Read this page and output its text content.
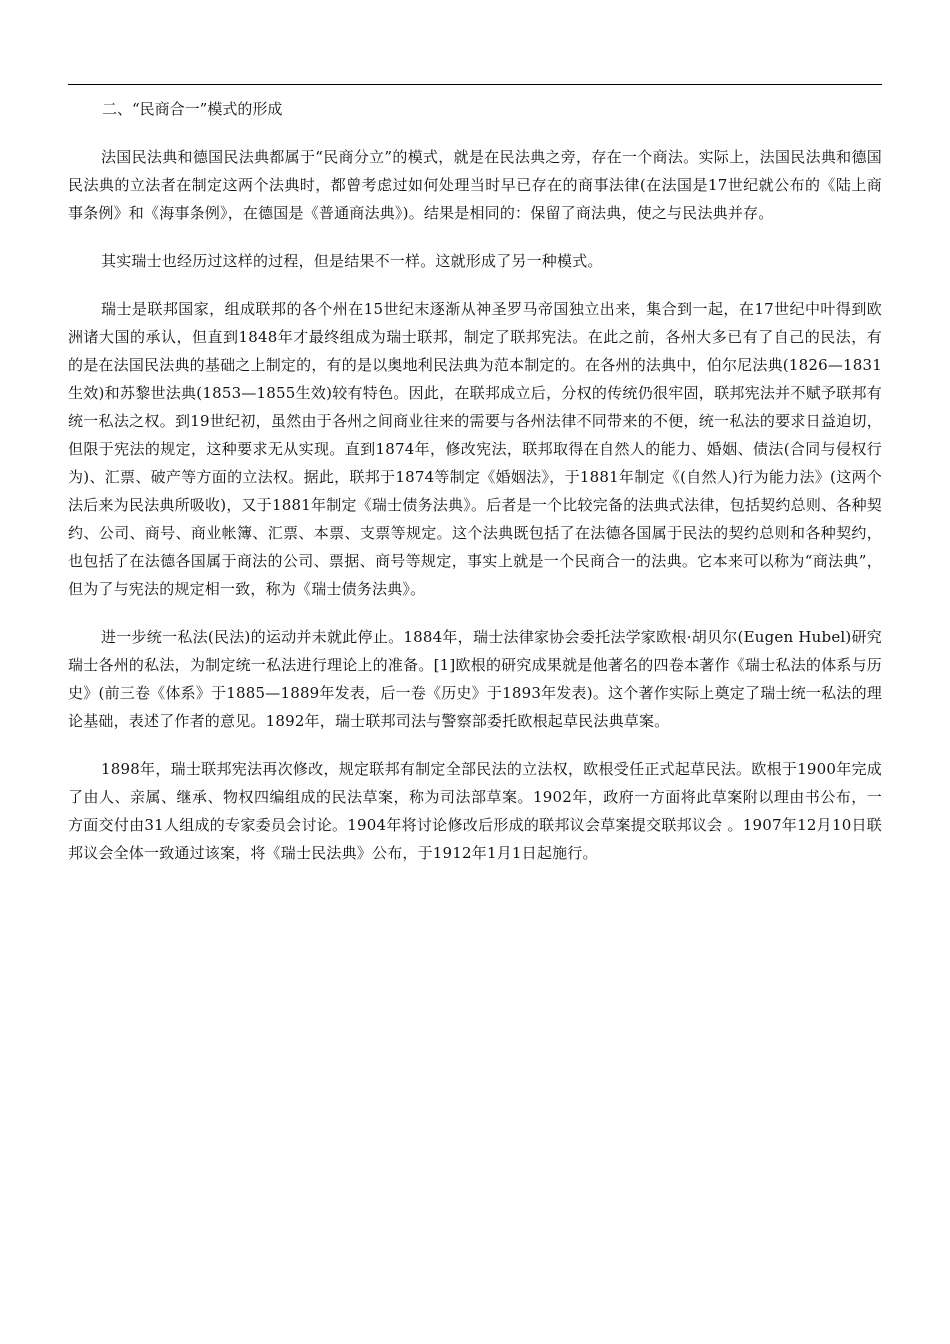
二、“民商合一”模式的形成

法国民法典和德国民法典都属于“民商分立”的模式，就是在民法典之旁，存在一个商法。实际上，法国民法典和德国民法典的立法者在制定这两个法典时，都曾考虑过如何处理当时早已存在的商事法律(在法国是17世纪就公布的《陆上商事条例》和《海事条例》，在德国是《普通商法典》)。结果是相同的：保留了商法典，使之与民法典并存。

其实瑞士也经历过这样的过程，但是结果不一样。这就形成了另一种模式。

瑞士是联邦国家，组成联邦的各个州在15世纪末逐渐从神圣罗马帝国独立出来，集合到一起，在17世纪中叶得到欧洲诸大国的承认，但直到1848年才最终组成为瑞士联邦，制定了联邦宪法。在此之前，各州大多已有了自己的民法，有的是在法国民法典的基础之上制定的，有的是以奥地利民法典为范本制定的。在各州的法典中，伯尔尼法典(1826—1831生效)和苏黎世法典(1853—1855生效)较有特色。因此，在联邦成立后，分权的传统仍很牢固，联邦宪法并不赋予联邦有统一私法之权。到19世纪初，虽然由于各州之间商业往来的需要与各州法律不同带来的不便，统一私法的要求日益迫切，但限于宪法的规定，这种要求无从实现。直到1874年，修改宪法，联邦取得在自然人的能力、婚姻、债法(合同与侵权行为)、汇票、破产等方面的立法权。据此，联邦于1874等制定《婚姻法》，于1881年制定《(自然人)行为能力法》(这两个法后来为民法典所吸收)，又于1881年制定《瑞士债务法典》。后者是一个比较完备的法典式法律，包括契约总则、各种契约、公司、商号、商业帐簿、汇票、本票、支票等规定。这个法典既包括了在法德各国属于民法的契约总则和各种契约，也包括了在法德各国属于商法的公司、票据、商号等规定，事实上就是一个民商合一的法典。它本来可以称为“商法典”，但为了与宪法的规定相一致，称为《瑞士债务法典》。

进一步统一私法(民法)的运动并未就此停止。1884年，瑞士法律家协会委托法学家欧根·胡贝尔(Eugen Hubel)研究瑞士各州的私法，为制定统一私法进行理论上的准备。[1]欧根的研究成果就是他著名的四卷本著作《瑞士私法的体系与历史》(前三卷《体系》于1885—1889年发表，后一卷《历史》于1893年发表)。这个著作实际上奠定了瑞士统一私法的理论基础，表述了作者的意见。1892年，瑞士联邦司法与警察部委托欧根起草民法典草案。

1898年，瑞士联邦宪法再次修改，规定联邦有制定全部民法的立法权，欧根受任正式起草民法。欧根于1900年完成了由人、亲属、继承、物权四编组成的民法草案，称为司法部草案。1902年，政府一方面将此草案附以理由书公布，一方面交付由31人组成的专家委员会讨论。1904年将讨论修改后形成的联邦议会草案提交联邦议会 。1907年12月10日联邦议会全体一致通过该案，将《瑞士民法典》公布，于1912年1月1日起施行。
